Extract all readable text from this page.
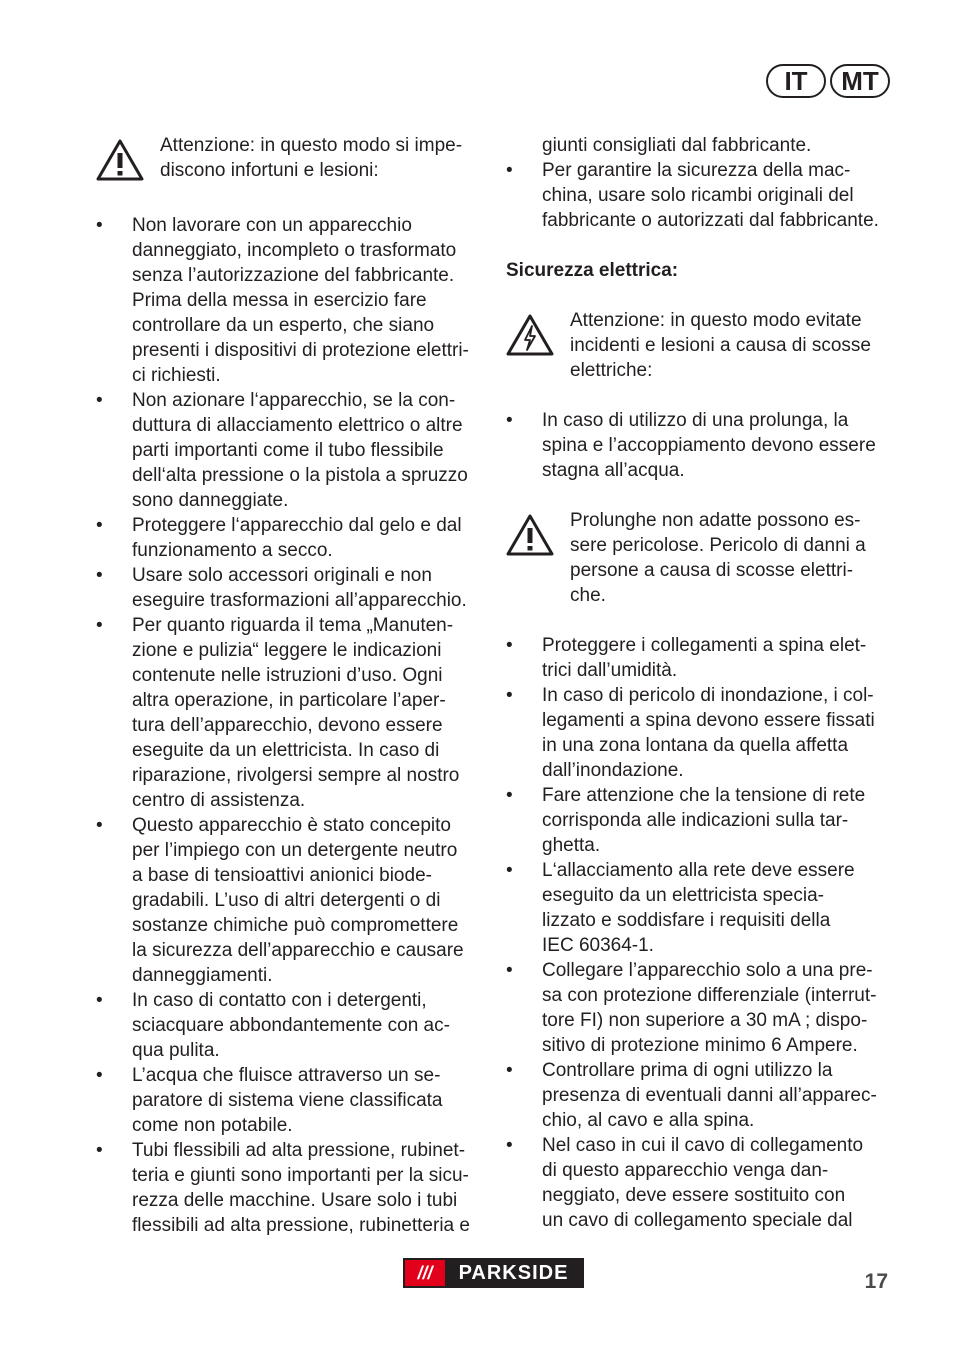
IT	MT
Attenzione: in questo modo si impe-
discono infortuni e lesioni:
• Non lavorare con un apparecchio
danneggiato, incompleto o trasformato
senza l’autorizzazione del fabbricante.
Prima della messa in esercizio fare
controllare da un esperto, che siano
presenti i dispositivi di protezione elettri-
ci richiesti.
• Non azionare l‘apparecchio, se la con-
duttura di allacciamento elettrico o altre
parti importanti come il tubo flessibile
dell‘alta pressione o la pistola a spruzzo
sono danneggiate.
• Proteggere l‘apparecchio dal gelo e dal
funzionamento a secco.
• Usare solo accessori originali e non
eseguire trasformazioni all’apparecchio.
• Per quanto riguarda il tema „Manuten-
zione e pulizia“ leggere le indicazioni
contenute nelle istruzioni d’uso. Ogni
altra operazione, in particolare l’aper-
tura dell’apparecchio, devono essere
eseguite da un elettricista. In caso di
riparazione, rivolgersi sempre al nostro
centro di assistenza.
• Questo apparecchio è stato concepito
per l’impiego con un detergente neutro
a base di tensioattivi anionici biode-
gradabili. L’uso di altri detergenti o di
sostanze chimiche può compromettere
la sicurezza dell’apparecchio e causare
danneggiamenti.
• In caso di contatto con i detergenti,
sciacquare abbondantemente con ac-
qua pulita.
• L’acqua che fluisce attraverso un se-
paratore di sistema viene classificata
come non potabile.
• Tubi flessibili ad alta pressione, rubinet-
teria e giunti sono importanti per la sicu-
rezza delle macchine. Usare solo i tubi
flessibili ad alta pressione, rubinetteria e
giunti consigliati dal fabbricante.
• Per garantire la sicurezza della mac-
china, usare solo ricambi originali del
fabbricante o autorizzati dal fabbricante.
Sicurezza elettrica:
Attenzione: in questo modo evitate
incidenti e lesioni a causa di scosse
elettriche:
• In caso di utilizzo di una prolunga, la
spina e l’accoppiamento devono essere
stagna all’acqua.
Prolunghe non adatte possono es-
sere pericolose. Pericolo di danni a
persone a causa di scosse elettri-
che.
• Proteggere i collegamenti a spina elet-
trici dall’umidità.
• In caso di pericolo di inondazione, i col-
legamenti a spina devono essere fissati
in una zona lontana da quella affetta
dall’inondazione.
• Fare attenzione che la tensione di rete
corrisponda alle indicazioni sulla tar-
ghetta.
• L‘allacciamento alla rete deve essere
eseguito da un elettricista specia-
lizzato e soddisfare i requisiti della
IEC 60364-1.
• Collegare l’apparecchio solo a una pre-
sa con protezione differenziale (interrut-
tore FI) non superiore a 30 mA ; dispo-
sitivo di protezione minimo 6 Ampere.
• Controllare prima di ogni utilizzo la
presenza di eventuali danni all’apparec-
chio, al cavo e alla spina.
• Nel caso in cui il cavo di collegamento
di questo apparecchio venga dan-
neggiato, deve essere sostituito con
un cavo di collegamento speciale dal
///	PARKSIDE	17
